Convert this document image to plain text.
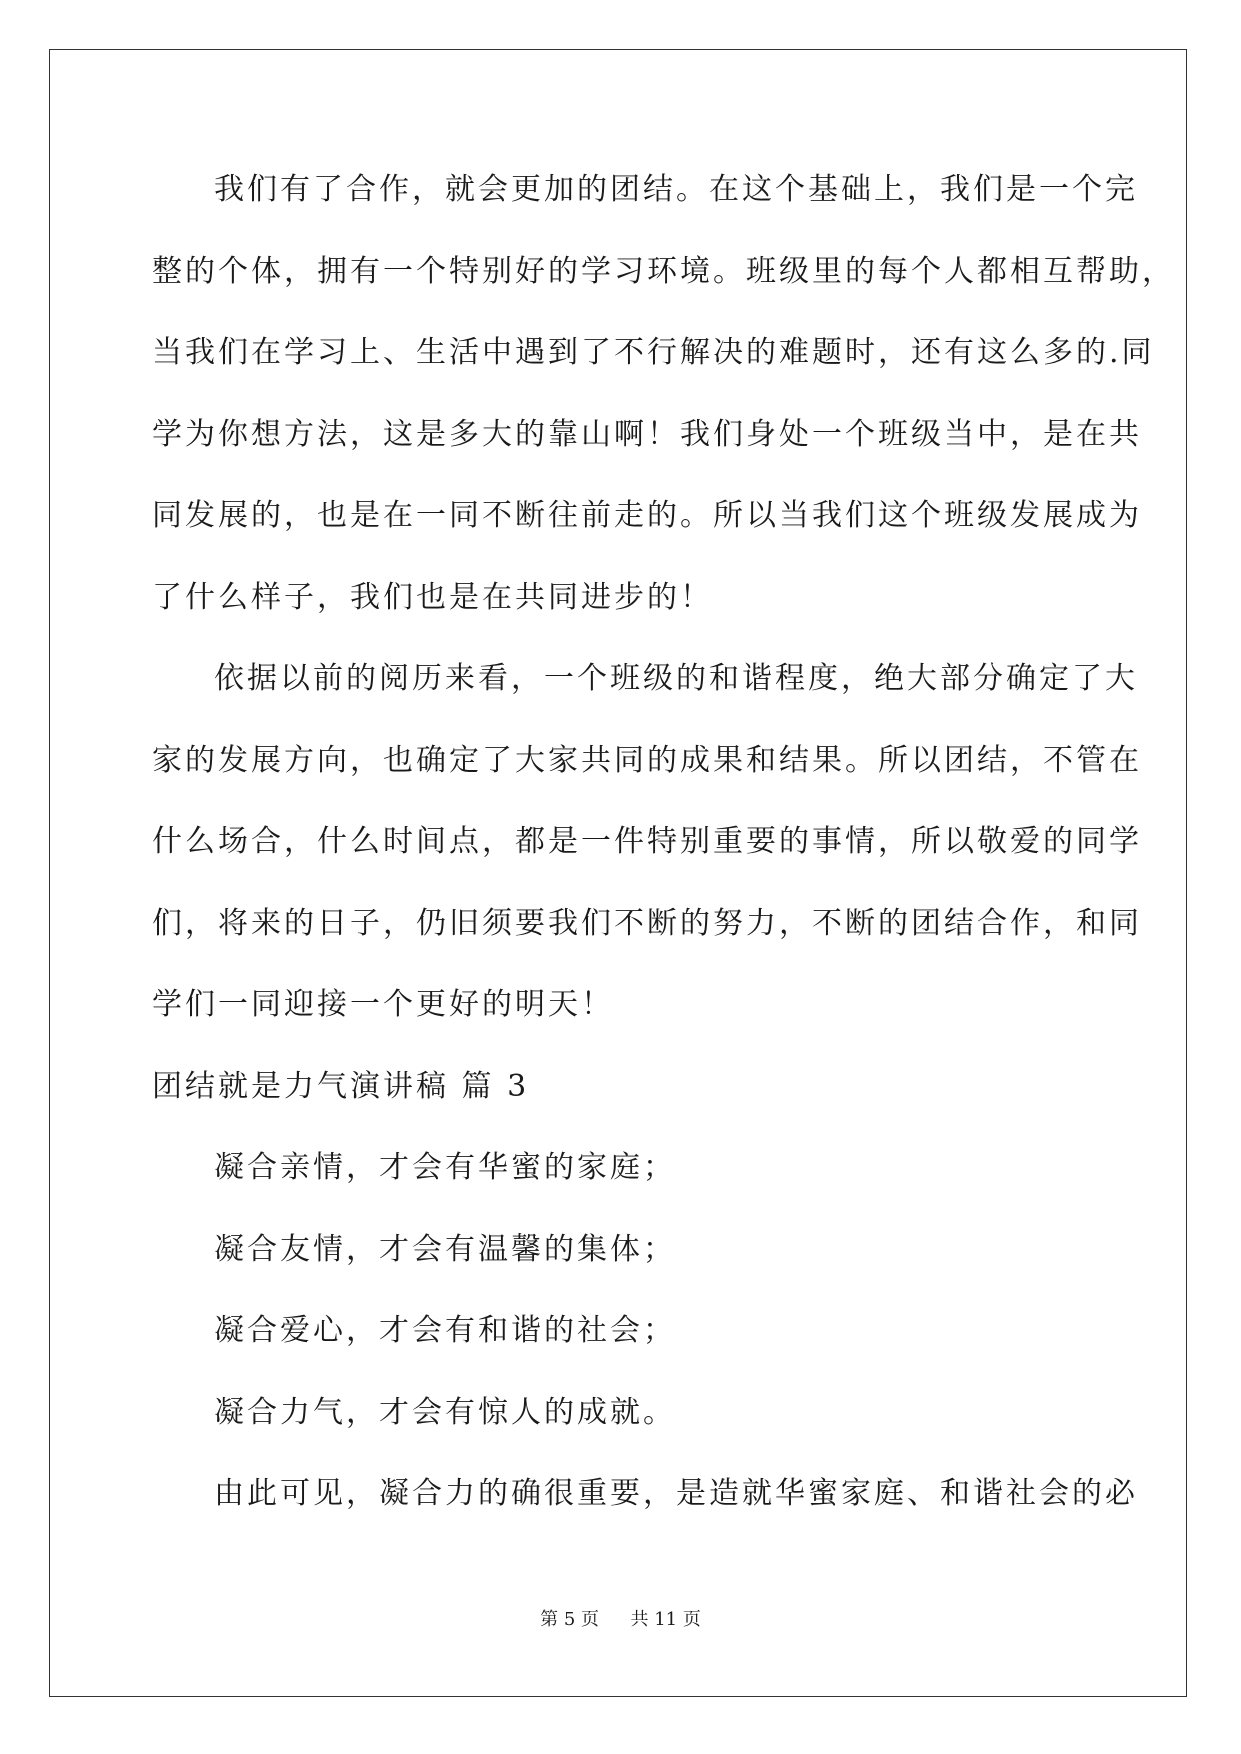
我们有了合作，就会更加的团结。在这个基础上，我们是一个完
整的个体，拥有一个特别好的学习环境。班级里的每个人都相互帮助，
当我们在学习上、生活中遇到了不行解决的难题时，还有这么多的.同
学为你想方法，这是多大的靠山啊！我们身处一个班级当中，是在共
同发展的，也是在一同不断往前走的。所以当我们这个班级发展成为
了什么样子，我们也是在共同进步的！
依据以前的阅历来看，一个班级的和谐程度，绝大部分确定了大
家的发展方向，也确定了大家共同的成果和结果。所以团结，不管在
什么场合，什么时间点，都是一件特别重要的事情，所以敬爱的同学
们，将来的日子，仍旧须要我们不断的努力，不断的团结合作，和同
学们一同迎接一个更好的明天！
团结就是力气演讲稿 篇 3
凝合亲情，才会有华蜜的家庭；
凝合友情，才会有温馨的集体；
凝合爱心，才会有和谐的社会；
凝合力气，才会有惊人的成就。
由此可见，凝合力的确很重要，是造就华蜜家庭、和谐社会的必
第 5 页 共 11 页
